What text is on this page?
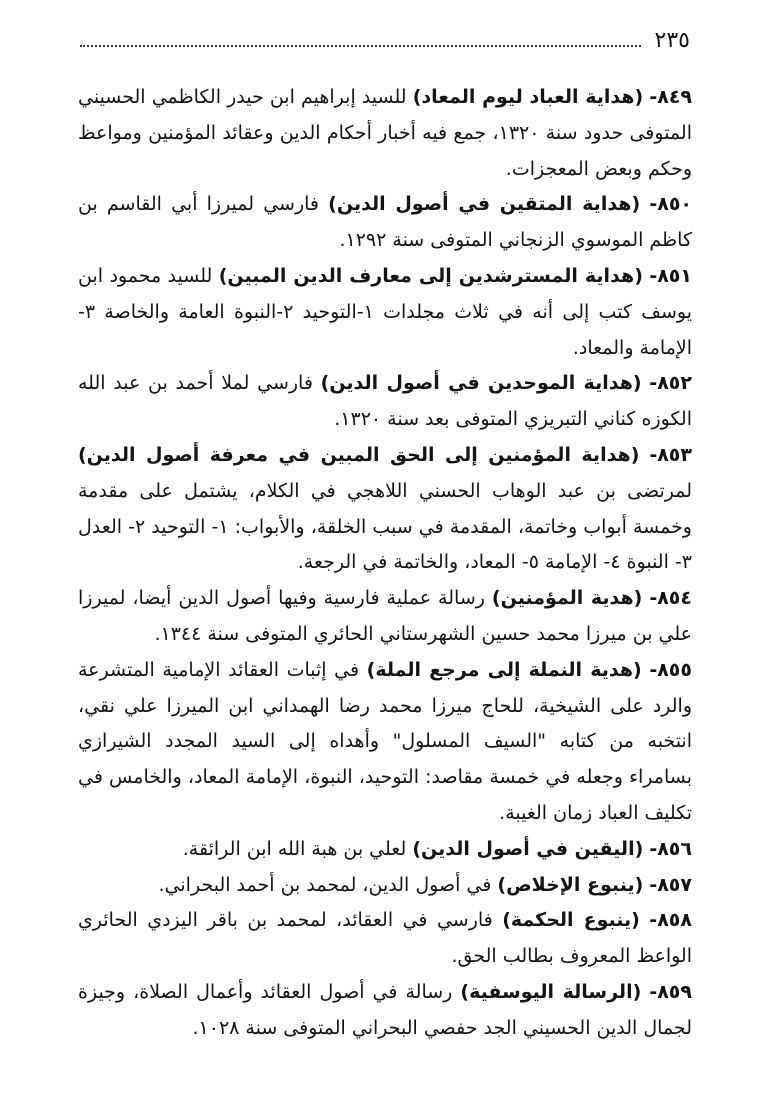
٢٣٥

٨٤٩- (هداية العباد ليوم المعاد) للسيد إبراهيم ابن حيدر الكاظمي الحسيني المتوفى حدود سنة ١٣٢٠، جمع فيه أخبار أحكام الدين وعقائد المؤمنين ومواعظ وحكم وبعض المعجزات.

٨٥٠- (هداية المتقين في أصول الدين) فارسي لميرزا أبي القاسم بن كاظم الموسوي الزنجاني المتوفى سنة ١٢٩٢.

٨٥١- (هداية المسترشدين إلى معارف الدين المبين) للسيد محمود ابن يوسف كتب إلى أنه في ثلاث مجلدات ١-التوحيد ٢-النبوة العامة والخاصة ٣-الإمامة والمعاد.

٨٥٢- (هداية الموحدين في أصول الدين) فارسي لملا أحمد بن عبد الله الكوزه كناني التبريزي المتوفى بعد سنة ١٣٢٠.

٨٥٣- (هداية المؤمنين إلى الحق المبين في معرفة أصول الدين) لمرتضى بن عبد الوهاب الحسني اللاهجي في الكلام، يشتمل على مقدمة وخمسة أبواب وخاتمة، المقدمة في سبب الخلقة، والأبواب: ١- التوحيد ٢- العدل ٣- النبوة ٤- الإمامة ٥- المعاد، والخاتمة في الرجعة.

٨٥٤- (هدية المؤمنين) رسالة عملية فارسية وفيها أصول الدين أيضا، لميرزا علي بن ميرزا محمد حسين الشهرستاني الحائري المتوفى سنة ١٣٤٤.

٨٥٥- (هدية النملة إلى مرجع الملة) في إثبات العقائد الإمامية المتشرعة والرد على الشيخية، للحاج ميرزا محمد رضا الهمداني ابن الميرزا علي نقي، انتخبه من كتابه "السيف المسلول" وأهداه إلى السيد المجدد الشيرازي بسامراء وجعله في خمسة مقاصد: التوحيد، النبوة، الإمامة المعاد، والخامس في تكليف العباد زمان الغيبة.

٨٥٦- (اليقين في أصول الدين) لعلي بن هبة الله ابن الرائقة.

٨٥٧- (ينبوع الإخلاص) في أصول الدين، لمحمد بن أحمد البحراني.

٨٥٨- (ينبوع الحكمة) فارسي في العقائد، لمحمد بن باقر اليزدي الحائري الواعظ المعروف بطالب الحق.

٨٥٩- (الرسالة اليوسفية) رسالة في أصول العقائد وأعمال الصلاة، وجيزة لجمال الدين الحسيني الجد حفصي البحراني المتوفى سنة ١٠٢٨.
